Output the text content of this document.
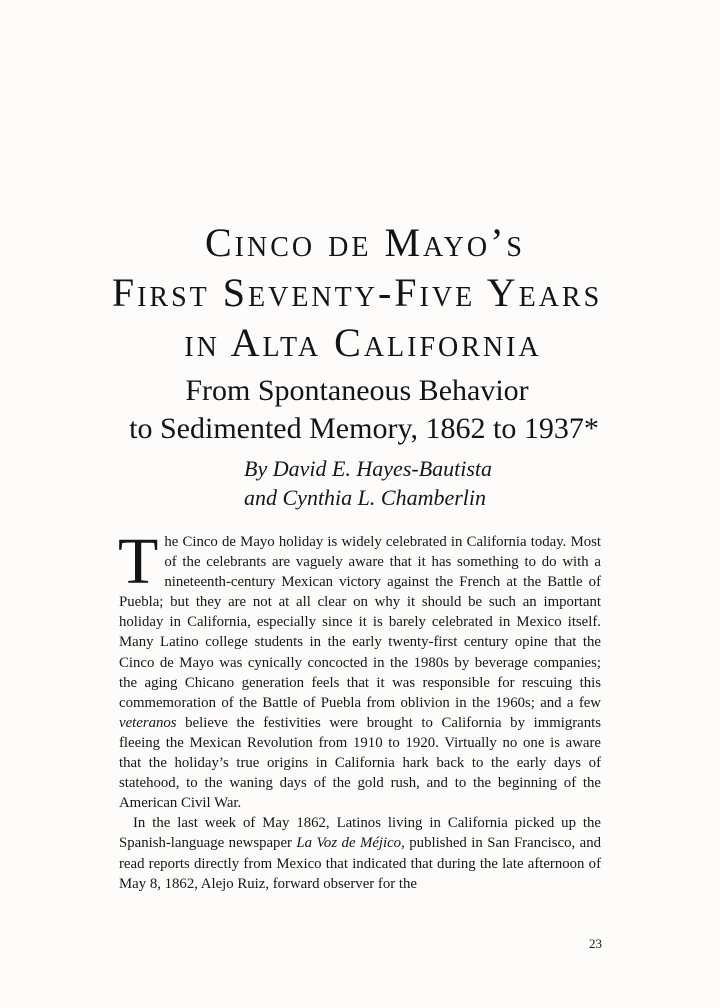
Cinco de Mayo’s
First Seventy-Five Years
in Alta California
From Spontaneous Behavior
to Sedimented Memory, 1862 to 1937*
By David E. Hayes-Bautista
and Cynthia L. Chamberlin

The Cinco de Mayo holiday is widely celebrated in California today. Most of the celebrants are vaguely aware that it has something to do with a nineteenth-century Mexican victory against the French at the Battle of Puebla; but they are not at all clear on why it should be such an important holiday in California, especially since it is barely celebrated in Mexico itself. Many Latino college students in the early twenty-first century opine that the Cinco de Mayo was cynically concocted in the 1980s by beverage companies; the aging Chicano generation feels that it was responsible for rescuing this commemoration of the Battle of Puebla from oblivion in the 1960s; and a few veteranos believe the festivities were brought to California by immigrants fleeing the Mexican Revolution from 1910 to 1920. Virtually no one is aware that the holiday’s true origins in California hark back to the early days of statehood, to the waning days of the gold rush, and to the beginning of the American Civil War.

In the last week of May 1862, Latinos living in California picked up the Spanish-language newspaper La Voz de Méjico, published in San Francisco, and read reports directly from Mexico that indicated that during the late afternoon of May 8, 1862, Alejo Ruiz, forward observer for the

23
